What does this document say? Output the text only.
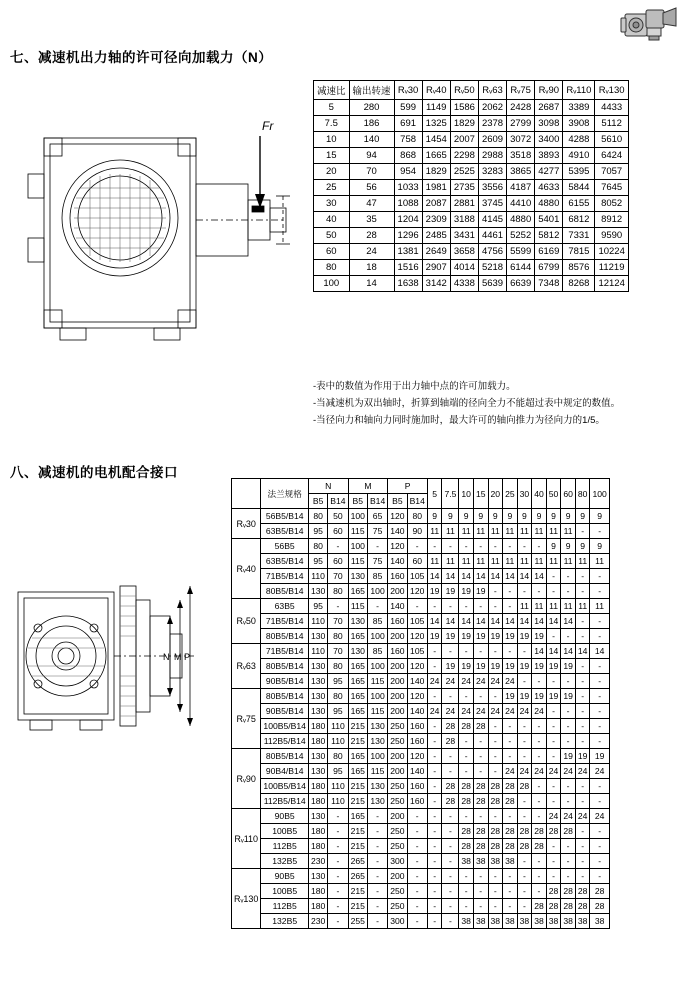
七、减速机出力轴的许可径向加载力（N）
Fr
减速比	输出转速	Rᵥ30	Rᵥ40	Rᵥ50	Rᵥ63	Rᵥ75	Rᵥ90	Rᵥ110	Rᵥ130
5	280	599	1149	1586	2062	2428	2687	3389	4433
7.5	186	691	1325	1829	2378	2799	3098	3908	5112
10	140	758	1454	2007	2609	3072	3400	4288	5610
15	94	868	1665	2298	2988	3518	3893	4910	6424
20	70	954	1829	2525	3283	3865	4277	5395	7057
25	56	1033	1981	2735	3556	4187	4633	5844	7645
30	47	1088	2087	2881	3745	4410	4880	6155	8052
40	35	1204	2309	3188	4145	4880	5401	6812	8912
50	28	1296	2485	3431	4461	5252	5812	7331	9590
60	24	1381	2649	3658	4756	5599	6169	7815	10224
80	18	1516	2907	4014	5218	6144	6799	8576	11219
100	14	1638	3142	4338	5639	6639	7348	8268	12124
-表中的数值为作用于出力轴中点的许可加载力。
-当减速机为双出轴时，折算到轴端的径向全力不能超过表中规定的数值。
-当径向力和轴向力同时施加时，最大许可的轴向推力为径向力的1/5。
八、减速机的电机配合接口
N M P
	法兰规格	N		M		P		5	7.5	10	15	20	25	30	40	50	60	80	100
		B5	B14	B5	B14	B5	B14												
Rᵥ30	56B5/B14	80	50	100	65	120	80	9	9	9	9	9	9	9	9	9	9	9	9
	63B5/B14	95	60	115	75	140	90	11	11	11	11	11	11	11	11	11	11	-	-
Rᵥ40	56B5	80	-	100	-	120	-	-	-	-	-	-	-	-	-	9	9	9	9
	63B5/B14	95	60	115	75	140	60	11	11	11	11	11	11	11	11	11	11	11	11
	71B5/B14	110	70	130	85	160	105	14	14	14	14	14	14	14	14	-	-	-	-
	80B5/B14	130	80	165	100	200	120	19	19	19	19	-	-	-	-	-	-	-	-
Rᵥ50	63B5	95	-	115	-	140	-	-	-	-	-	-	-	11	11	11	11	11	11
	71B5/B14	110	70	130	85	160	105	14	14	14	14	14	14	14	14	14	14	-	-
	80B5/B14	130	80	165	100	200	120	19	19	19	19	19	19	19	19	-	-	-	-
Rᵥ63	71B5/B14	110	70	130	85	160	105	-	-	-	-	-	-	-	14	14	14	14	14
	80B5/B14	130	80	165	100	200	120	-	19	19	19	19	19	19	19	19	19	-	-
	90B5/B14	130	95	165	115	200	140	24	24	24	24	24	24	-	-	-	-	-	-
Rᵥ75	80B5/B14	130	80	165	100	200	120	-	-	-	-	-	19	19	19	19	19	-	-
	90B5/B14	130	95	165	115	200	140	24	24	24	24	24	24	24	24	-	-	-	-
	100B5/B14	180	110	215	130	250	160	-	28	28	28	-	-	-	-	-	-	-	-
	112B5/B14	180	110	215	130	250	160	-	28	-	-	-	-	-	-	-	-	-	-
Rᵥ90	80B5/B14	130	80	165	100	200	120	-	-	-	-	-	-	-	-	-	19	19	19
	90B4/B14	130	95	165	115	200	140	-	-	-	-	-	24	24	24	24	24	24	24
	100B5/B14	180	110	215	130	250	160	-	28	28	28	28	28	28	-	-	-	-	-
	112B5/B14	180	110	215	130	250	160	-	28	28	28	28	28	-	-	-	-	-	-
Rᵥ110	90B5	130	-	165	-	200	-	-	-	-	-	-	-	-	-	24	24	24	24
	100B5	180	-	215	-	250	-	-	-	28	28	28	28	28	28	28	28	-	-
	112B5	180	-	215	-	250	-	-	-	28	28	28	28	28	28	-	-	-	-
	132B5	230	-	265	-	300	-	-	-	38	38	38	38	-	-	-	-	-	-
Rᵥ130	90B5	130	-	265	-	200	-	-	-	-	-	-	-	-	-	-	-	-	-
	100B5	180	-	215	-	250	-	-	-	-	-	-	-	-	-	28	28	28	28
	112B5	180	-	215	-	250	-	-	-	-	-	-	-	-	28	28	28	28	28
	132B5	230	-	255	-	300	-	-	-	38	38	38	38	38	38	38	38	38	38
